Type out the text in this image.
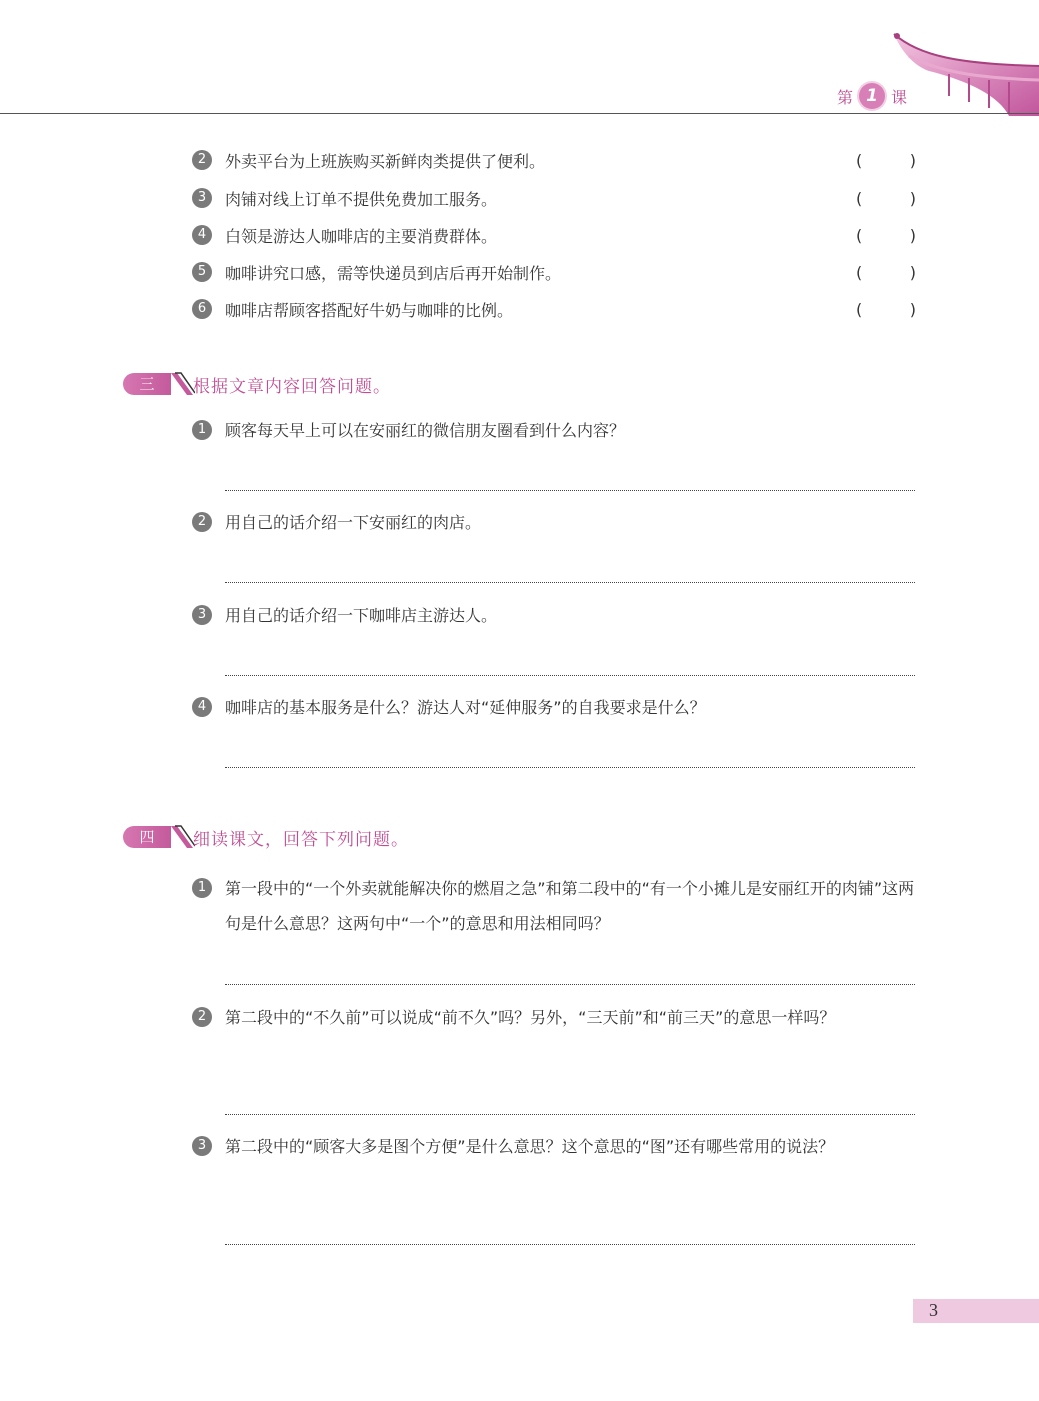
第 1 课
2	外卖平台为上班族购买新鲜肉类提供了便利。	(	)
3	肉铺对线上订单不提供免费加工服务。	(	)
4	白领是游达人咖啡店的主要消费群体。	(	)
5	咖啡讲究口感，需等快递员到店后再开始制作。	(	)
6	咖啡店帮顾客搭配好牛奶与咖啡的比例。	(	)
三	根据文章内容回答问题。
1	顾客每天早上可以在安丽红的微信朋友圈看到什么内容？
2	用自己的话介绍一下安丽红的肉店。
3	用自己的话介绍一下咖啡店主游达人。
4	咖啡店的基本服务是什么？游达人对“延伸服务”的自我要求是什么？
四	细读课文，回答下列问题。
1	第一段中的“一个外卖就能解决你的燃眉之急”和第二段中的“有一个小摊儿是安丽红开的肉铺”这两句是什么意思？这两句中“一个”的意思和用法相同吗？
2	第二段中的“不久前”可以说成“前不久”吗？另外，“三天前”和“前三天”的意思一样吗？
3	第二段中的“顾客大多是图个方便”是什么意思？这个意思的“图”还有哪些常用的说法？
3
